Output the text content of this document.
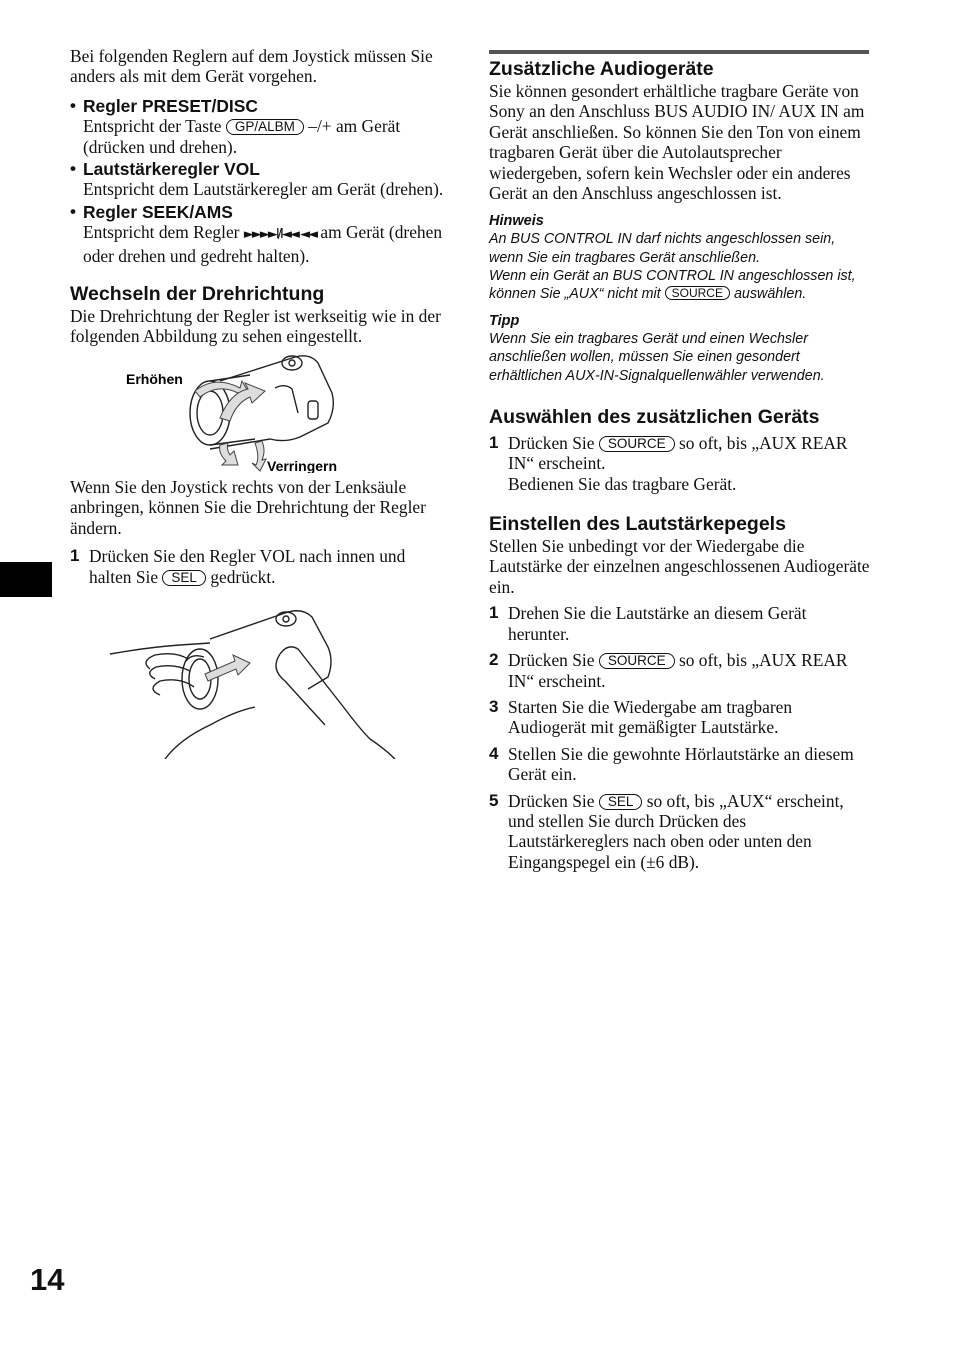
Bei folgenden Reglern auf dem Joystick müssen Sie anders als mit dem Gerät vorgehen.

• Regler PRESET/DISC

Entspricht der Taste GP/ALBM –/+ am Gerät (drücken und drehen).

• Lautstärkeregler VOL

Entspricht dem Lautstärkeregler am Gerät (drehen).

• Regler SEEK/AMS

Entspricht dem Regler ►►►►I/I◄◄ ◄◄ am Gerät (drehen oder drehen und gedreht halten).

Wechseln der Drehrichtung

Die Drehrichtung der Regler ist werkseitig wie in der folgenden Abbildung zu sehen eingestellt.

Erhöhen
Verringern

Wenn Sie den Joystick rechts von der Lenksäule anbringen, können Sie die Drehrichtung der Regler ändern.

1 Drücken Sie den Regler VOL nach innen und halten Sie SEL gedrückt.

Zusätzliche Audiogeräte

Sie können gesondert erhältliche tragbare Geräte von Sony an den Anschluss BUS AUDIO IN/ AUX IN am Gerät anschließen. So können Sie den Ton von einem tragbaren Gerät über die Autolautsprecher wiedergeben, sofern kein Wechsler oder ein anderes Gerät an den Anschluss angeschlossen ist.

Hinweis

An BUS CONTROL IN darf nichts angeschlossen sein, wenn Sie ein tragbares Gerät anschließen.

Wenn ein Gerät an BUS CONTROL IN angeschlossen ist, können Sie „AUX“ nicht mit SOURCE auswählen.

Tipp

Wenn Sie ein tragbares Gerät und einen Wechsler anschließen wollen, müssen Sie einen gesondert erhältlichen AUX-IN-Signalquellenwähler verwenden.

Auswählen des zusätzlichen Geräts
1 Drücken Sie SOURCE so oft, bis „AUX REAR IN“ erscheint.

Bedienen Sie das tragbare Gerät.

Einstellen des Lautstärkepegels

Stellen Sie unbedingt vor der Wiedergabe die Lautstärke der einzelnen angeschlossenen Audiogeräte ein.

1 Drehen Sie die Lautstärke an diesem Gerät herunter.

2 Drücken Sie SOURCE so oft, bis „AUX REAR IN“ erscheint.

3 Starten Sie die Wiedergabe am tragbaren Audiogerät mit gemäßigter Lautstärke.

4 Stellen Sie die gewohnte Hörlautstärke an diesem Gerät ein.

5 Drücken Sie SEL so oft, bis „AUX“ erscheint, und stellen Sie durch Drücken des Lautstärkereglers nach oben oder unten den Eingangspegel ein (±6 dB).

14
